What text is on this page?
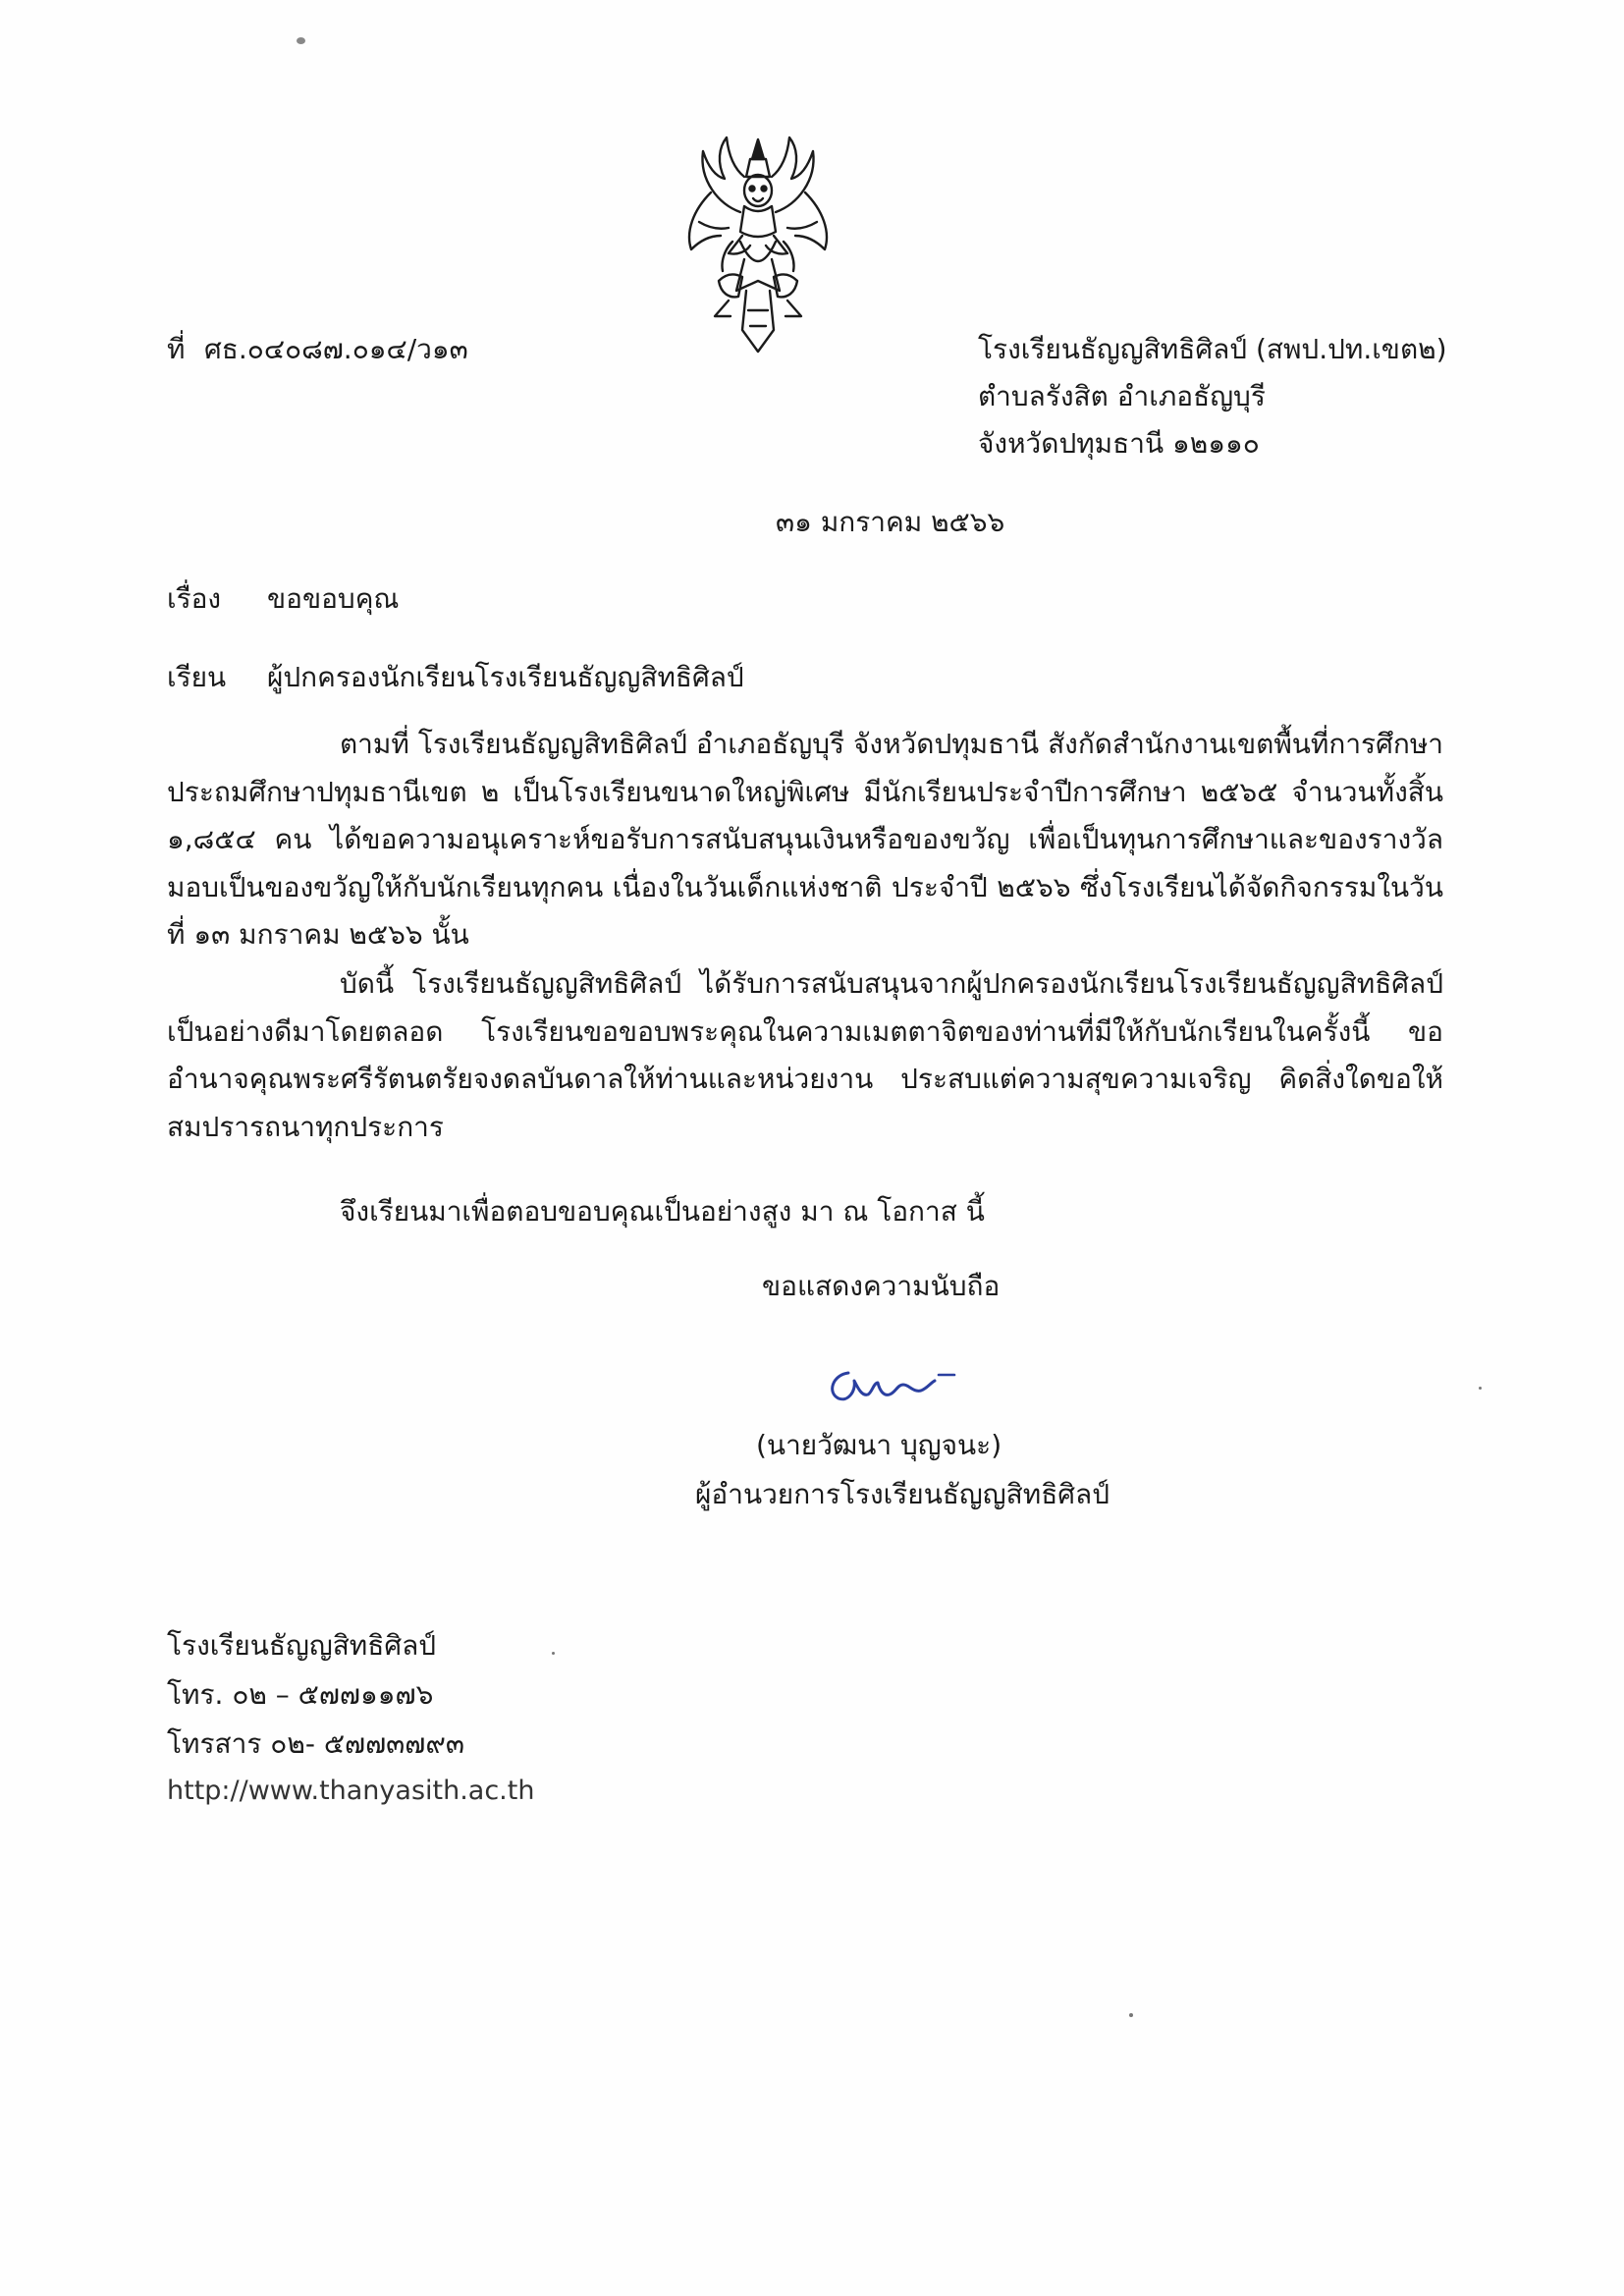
ที่ ศธ.๐๔๐๘๗.๐๑๔/ว๑๓	โรงเรียนธัญญสิทธิศิลป์ (สพป.ปท.เขต๒)
ตำบลรังสิต อำเภอธัญบุรี
จังหวัดปทุมธานี ๑๒๑๑๐
๓๑ มกราคม ๒๕๖๖
เรื่อง ขอขอบคุณ
เรียน ผู้ปกครองนักเรียนโรงเรียนธัญญสิทธิศิลป์
ตามที่ โรงเรียนธัญญสิทธิศิลป์ อำเภอธัญบุรี จังหวัดปทุมธานี สังกัดสำนักงานเขตพื้นที่การศึกษาประถมศึกษาปทุมธานีเขต ๒ เป็นโรงเรียนขนาดใหญ่พิเศษ มีนักเรียนประจำปีการศึกษา ๒๕๖๕ จำนวนทั้งสิ้น ๑,๘๕๔ คน ได้ขอความอนุเคราะห์ขอรับการสนับสนุนเงินหรือของขวัญ เพื่อเป็นทุนการศึกษาและของรางวัลมอบเป็นของขวัญให้กับนักเรียนทุกคน เนื่องในวันเด็กแห่งชาติ ประจำปี ๒๕๖๖ ซึ่งโรงเรียนได้จัดกิจกรรมในวันที่ ๑๓ มกราคม ๒๕๖๖ นั้น
บัดนี้ โรงเรียนธัญญสิทธิศิลป์ ได้รับการสนับสนุนจากผู้ปกครองนักเรียนโรงเรียนธัญญสิทธิศิลป์เป็นอย่างดีมาโดยตลอด โรงเรียนขอขอบพระคุณในความเมตตาจิตของท่านที่มีให้กับนักเรียนในครั้งนี้ ขออำนาจคุณพระศรีรัตนตรัยจงดลบันดาลให้ท่านและหน่วยงาน ประสบแต่ความสุขความเจริญ คิดสิ่งใดขอให้สมปรารถนาทุกประการ
จึงเรียนมาเพื่อตอบขอบคุณเป็นอย่างสูง มา ณ โอกาส นี้
ขอแสดงความนับถือ
(นายวัฒนา บุญจนะ)
ผู้อำนวยการโรงเรียนธัญญสิทธิศิลป์
โรงเรียนธัญญสิทธิศิลป์
โทร. ๐๒ – ๕๗๗๑๑๗๖
โทรสาร ๐๒- ๕๗๗๓๗๙๓
http://www.thanyasith.ac.th
